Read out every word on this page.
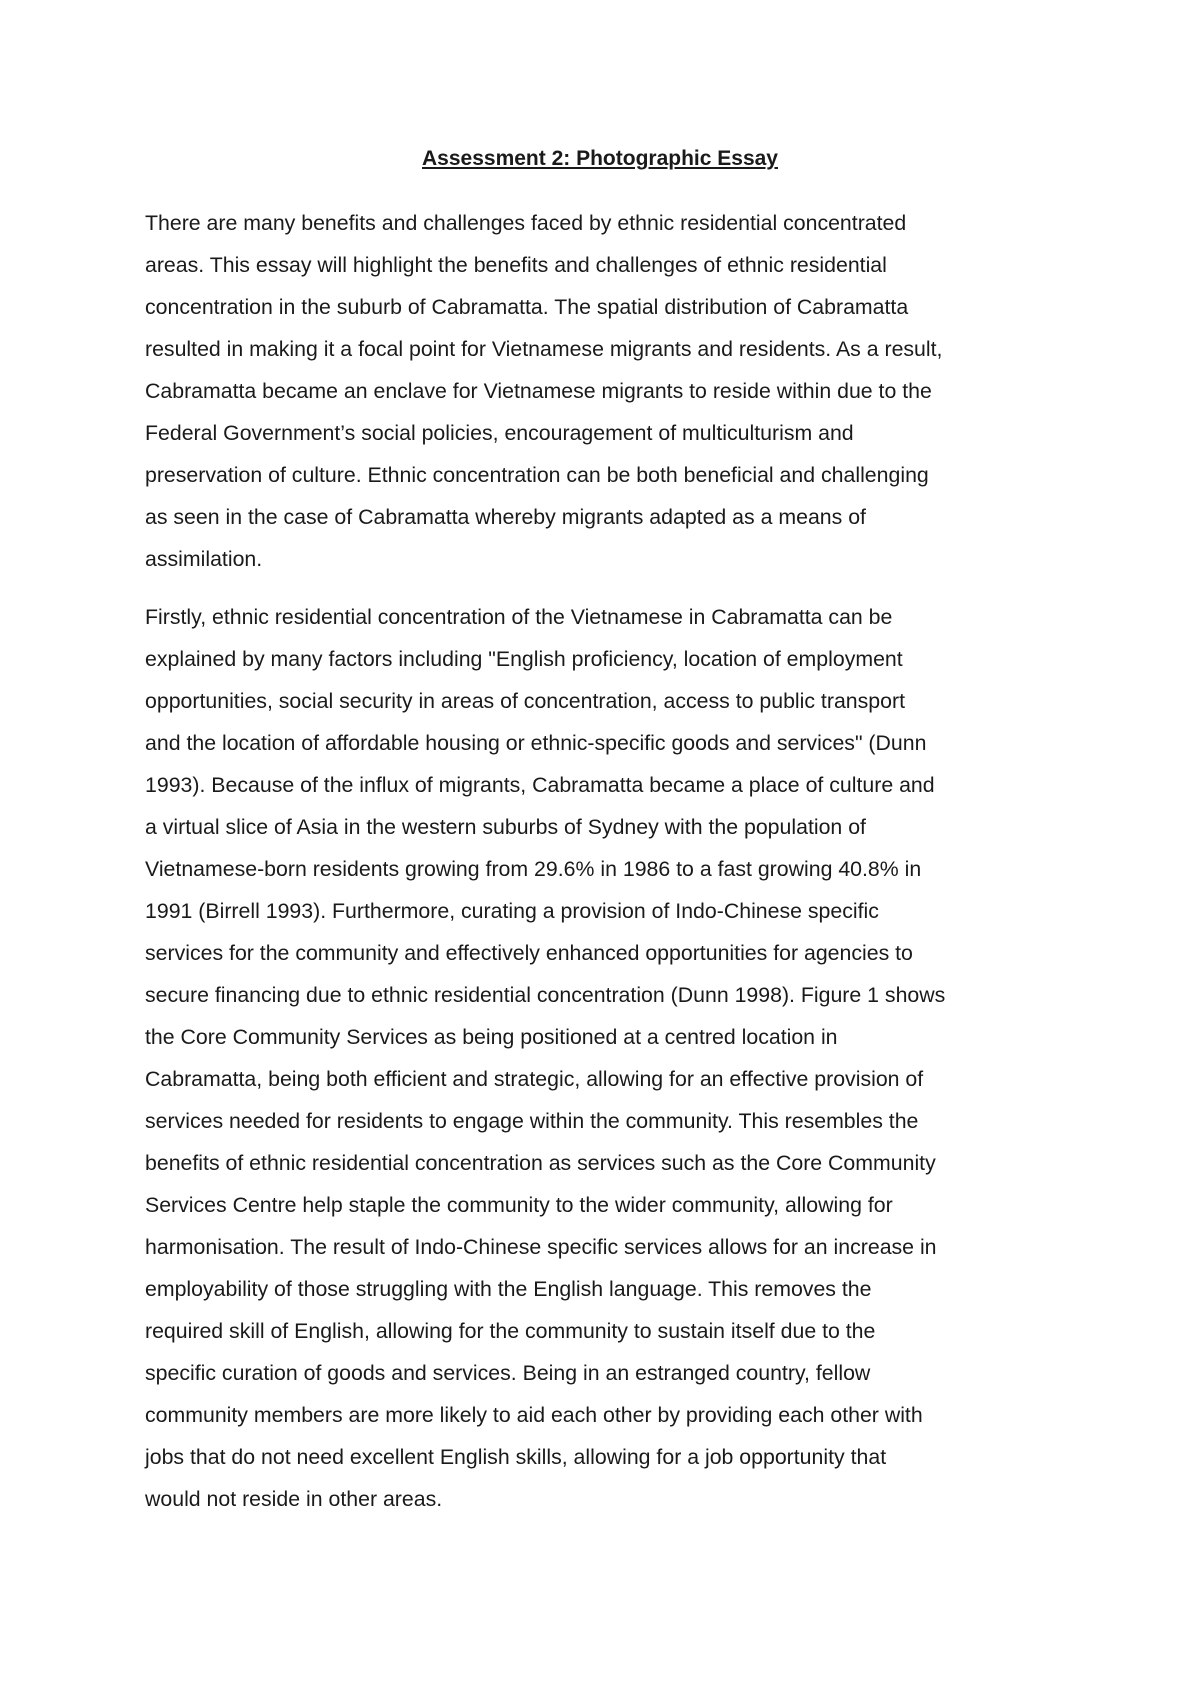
Assessment 2: Photographic Essay

There are many benefits and challenges faced by ethnic residential concentrated
areas. This essay will highlight the benefits and challenges of ethnic residential
concentration in the suburb of Cabramatta. The spatial distribution of Cabramatta
resulted in making it a focal point for Vietnamese migrants and residents. As a result,
Cabramatta became an enclave for Vietnamese migrants to reside within due to the
Federal Government’s social policies, encouragement of multiculturism and
preservation of culture. Ethnic concentration can be both beneficial and challenging
as seen in the case of Cabramatta whereby migrants adapted as a means of
assimilation.

Firstly, ethnic residential concentration of the Vietnamese in Cabramatta can be
explained by many factors including "English proficiency, location of employment
opportunities, social security in areas of concentration, access to public transport
and the location of affordable housing or ethnic-specific goods and services" (Dunn
1993). Because of the influx of migrants, Cabramatta became a place of culture and
a virtual slice of Asia in the western suburbs of Sydney with the population of
Vietnamese-born residents growing from 29.6% in 1986 to a fast growing 40.8% in
1991 (Birrell 1993). Furthermore, curating a provision of Indo-Chinese specific
services for the community and effectively enhanced opportunities for agencies to
secure financing due to ethnic residential concentration (Dunn 1998). Figure 1 shows
the Core Community Services as being positioned at a centred location in
Cabramatta, being both efficient and strategic, allowing for an effective provision of
services needed for residents to engage within the community. This resembles the
benefits of ethnic residential concentration as services such as the Core Community
Services Centre help staple the community to the wider community, allowing for
harmonisation. The result of Indo-Chinese specific services allows for an increase in
employability of those struggling with the English language. This removes the
required skill of English, allowing for the community to sustain itself due to the
specific curation of goods and services. Being in an estranged country, fellow
community members are more likely to aid each other by providing each other with
jobs that do not need excellent English skills, allowing for a job opportunity that
would not reside in other areas.
